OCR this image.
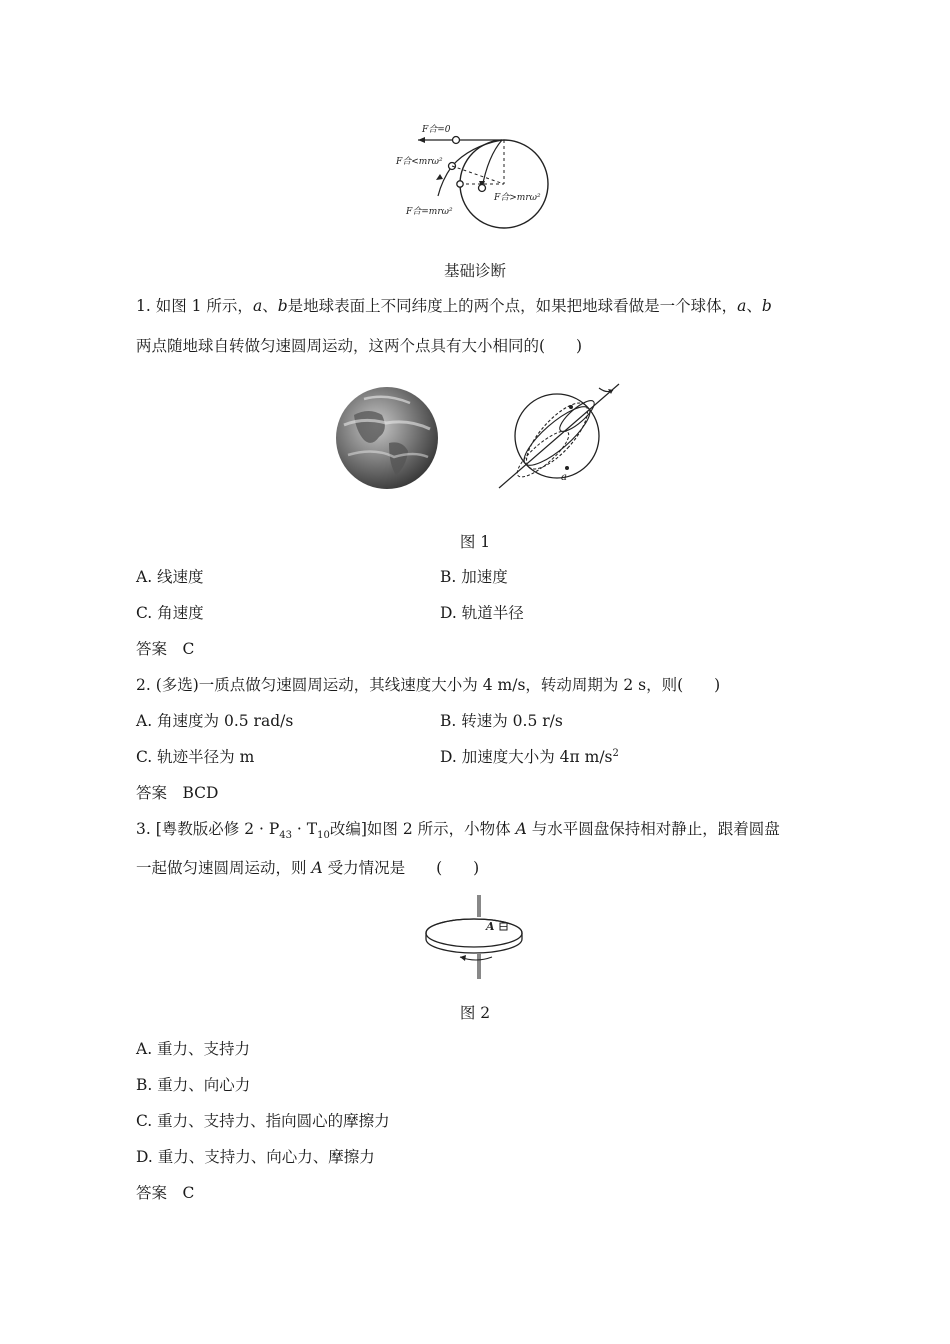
F合=0
F合<mrω²
F合>mrω²
F合=mrω²
基础诊断
1. 如图 1 所示，a、b是地球表面上不同纬度上的两个点，如果把地球看做是一个球体，a、b
两点随地球自转做匀速圆周运动，这两个点具有大小相同的(　　)
a
图 1
A. 线速度	B. 加速度
C. 角速度	D. 轨道半径
答案　C
2. (多选)一质点做匀速圆周运动，其线速度大小为 4 m/s，转动周期为 2 s，则(　　)
A. 角速度为 0.5 rad/s	B. 转速为 0.5 r/s
C. 轨迹半径为 m	D. 加速度大小为 4π $m/s^2$
答案　BCD
3. [粤教版必修 $2 \cdot P_{43} \cdot T_{10}$改编]如图 2 所示，小物体 A 与水平圆盘保持相对静止，跟着圆盘
一起做匀速圆周运动，则 A 受力情况是　　(　　)
A
图 2
A. 重力、支持力
B. 重力、向心力
C. 重力、支持力、指向圆心的摩擦力
D. 重力、支持力、向心力、摩擦力
答案　C
